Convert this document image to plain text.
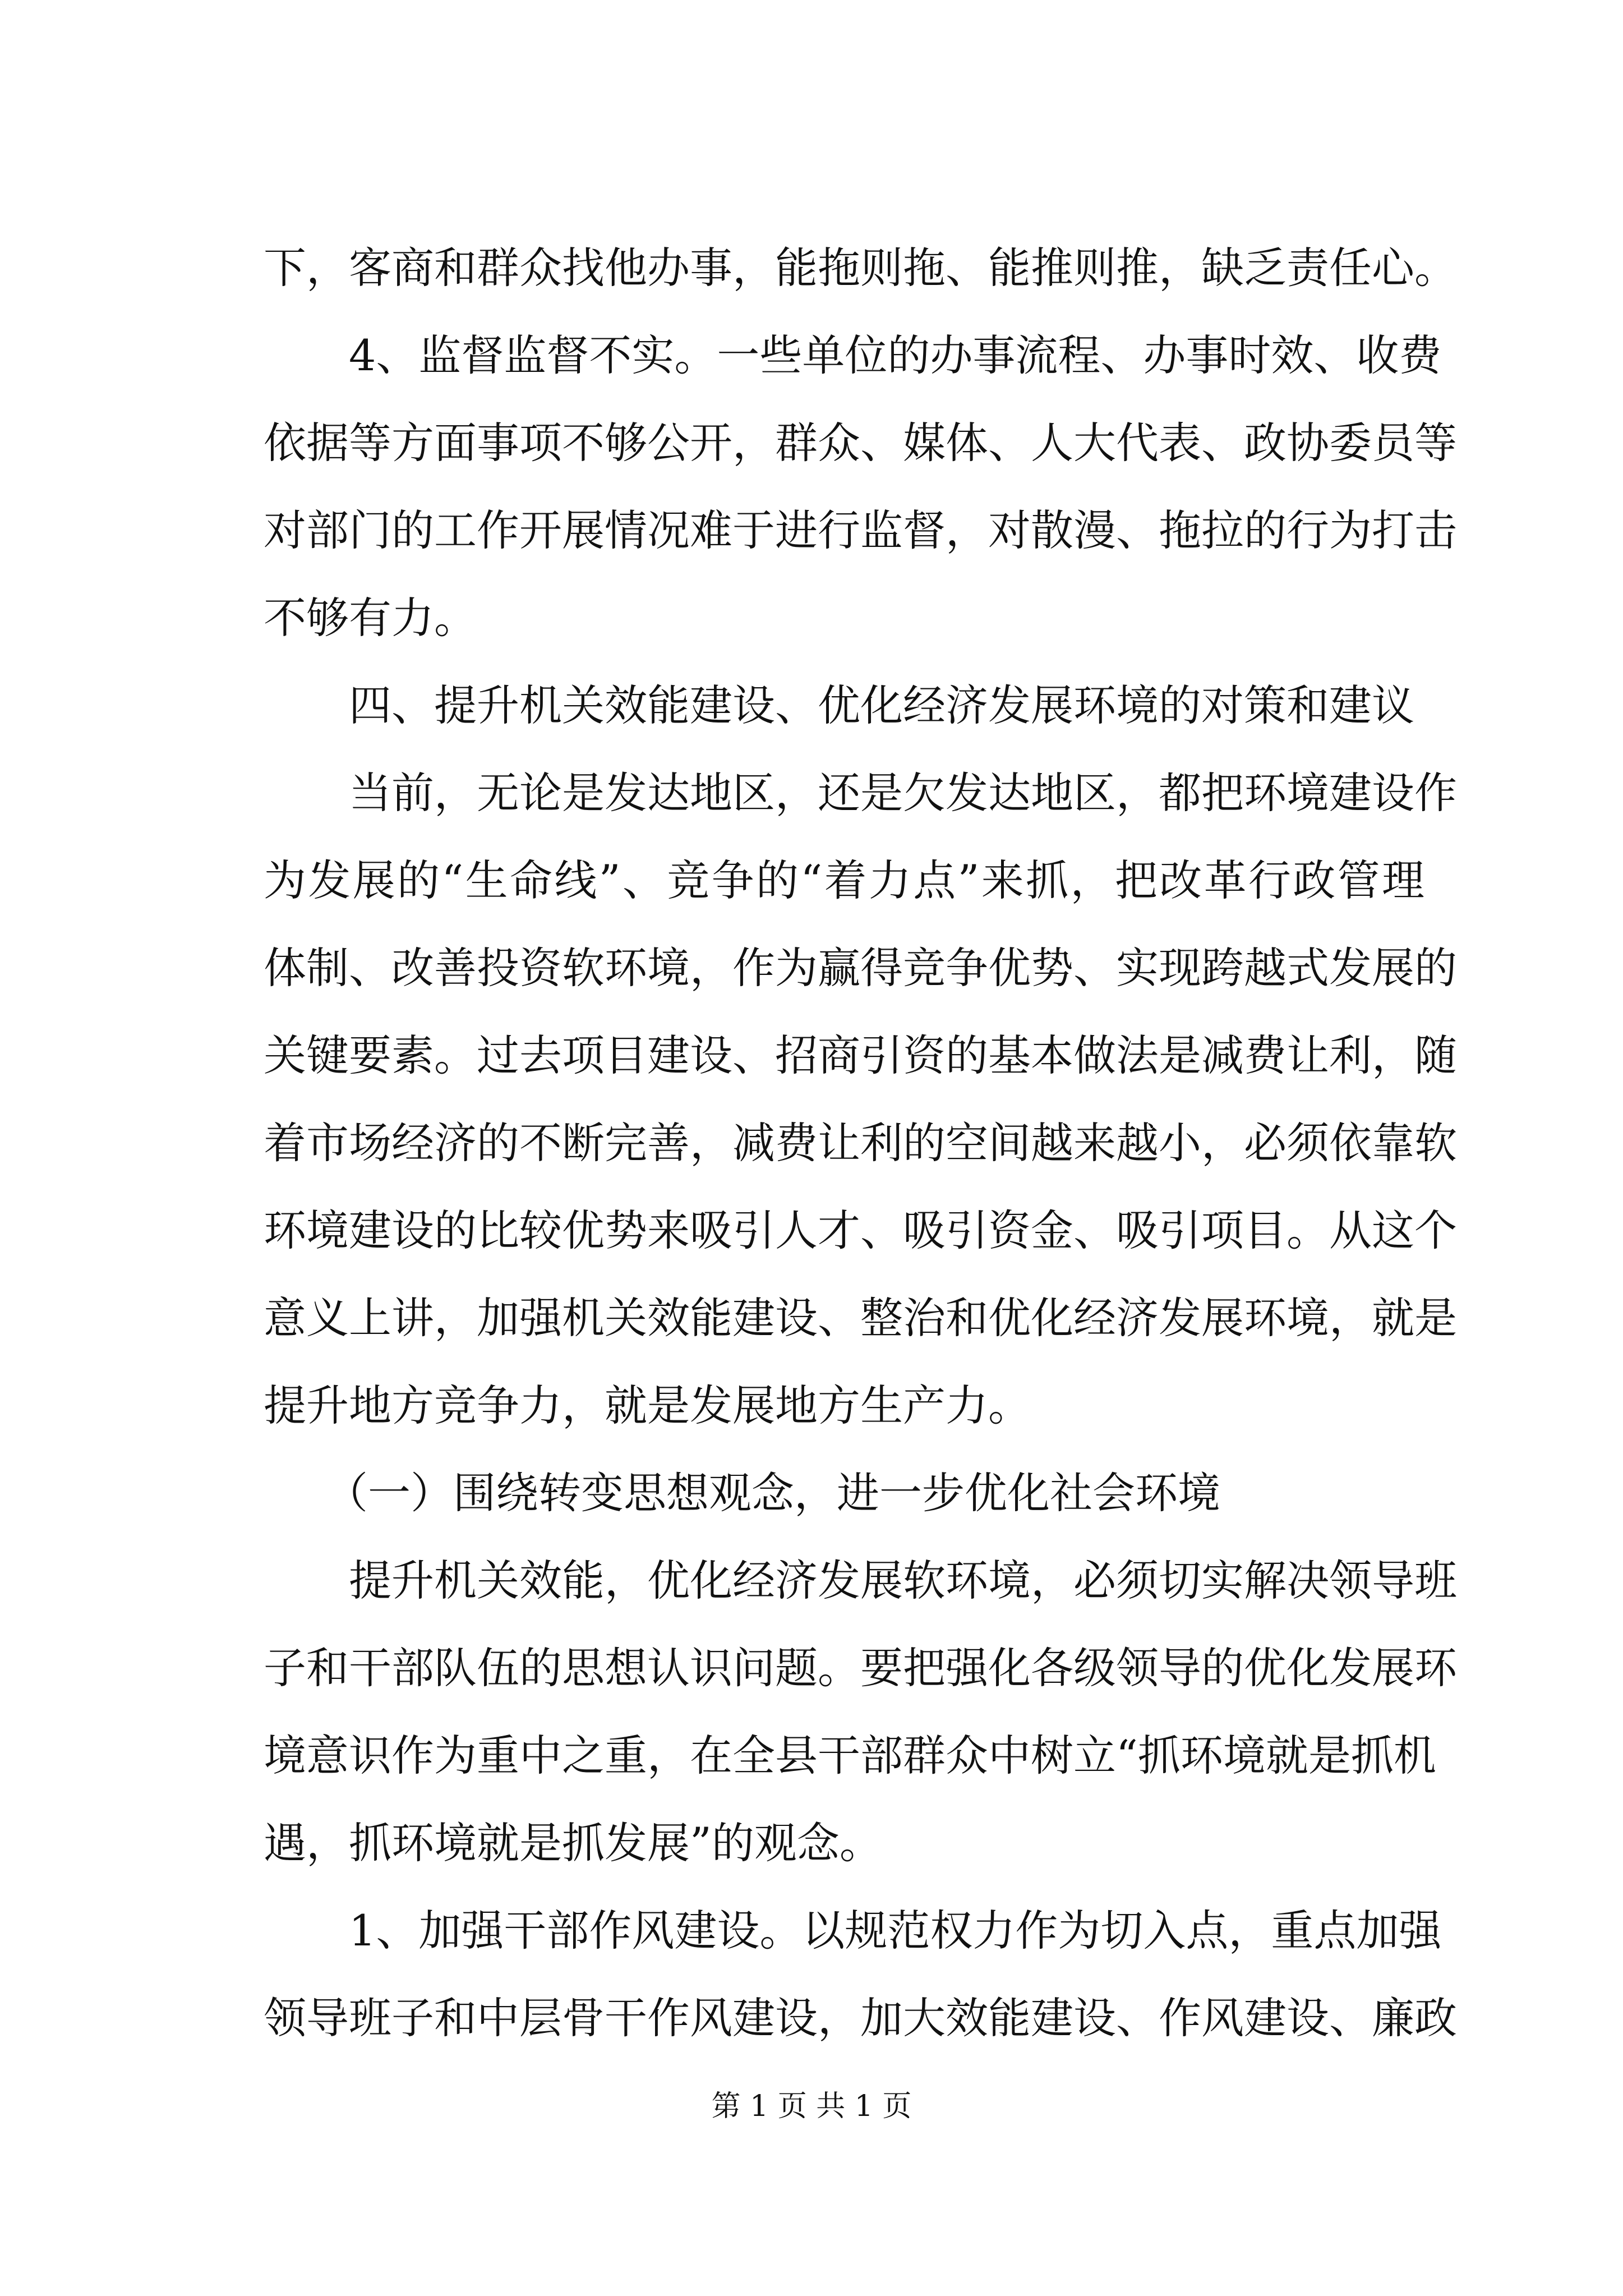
下，客商和群众找他办事，能拖则拖、能推则推，缺乏责任心。
4、监督监督不实。一些单位的办事流程、办事时效、收费
依据等方面事项不够公开，群众、媒体、人大代表、政协委员等
对部门的工作开展情况难于进行监督，对散漫、拖拉的行为打击
不够有力。
四、提升机关效能建设、优化经济发展环境的对策和建议
当前，无论是发达地区，还是欠发达地区，都把环境建设作
为发展的“生命线”、竞争的“着力点”来抓，把改革行政管理
体制、改善投资软环境，作为赢得竞争优势、实现跨越式发展的
关键要素。过去项目建设、招商引资的基本做法是减费让利，随
着市场经济的不断完善，减费让利的空间越来越小，必须依靠软
环境建设的比较优势来吸引人才、吸引资金、吸引项目。从这个
意义上讲，加强机关效能建设、整治和优化经济发展环境，就是
提升地方竞争力，就是发展地方生产力。
（一）围绕转变思想观念，进一步优化社会环境
提升机关效能，优化经济发展软环境，必须切实解决领导班
子和干部队伍的思想认识问题。要把强化各级领导的优化发展环
境意识作为重中之重，在全县干部群众中树立“抓环境就是抓机
遇，抓环境就是抓发展”的观念。
1、加强干部作风建设。以规范权力作为切入点，重点加强
领导班子和中层骨干作风建设，加大效能建设、作风建设、廉政
第 1 页 共 1 页
